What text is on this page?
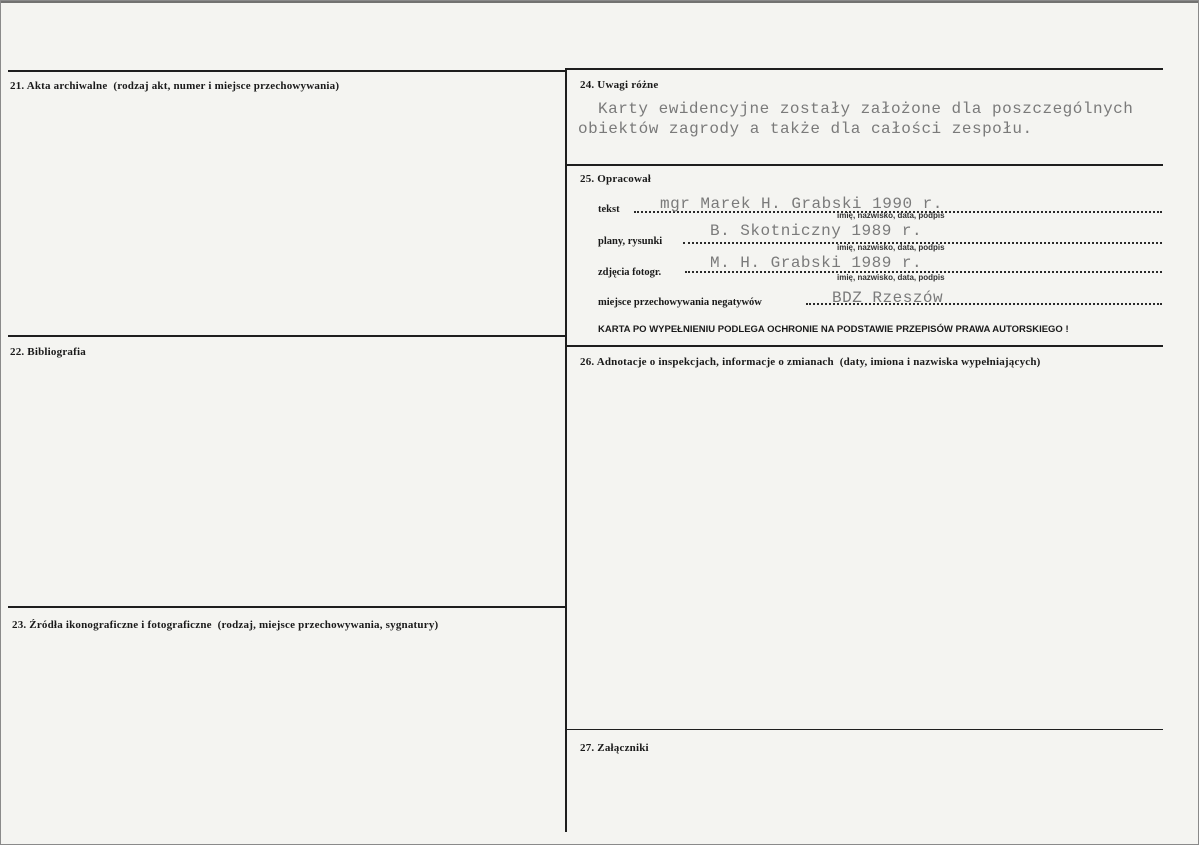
21. Akta archiwalne (rodzaj akt, numer i miejsce przechowywania)
22. Bibliografia
23. Źródła ikonograficzne i fotograficzne (rodzaj, miejsce przechowywania, sygnatury)
24. Uwagi różne
Karty ewidencyjne zostały założone dla poszczególnych
obiektów zagrody a także dla całości zespołu.
25. Opracował
tekst	mgr Marek H. Grabski 1990 r.
imię, nazwisko, data, podpis
plany, rysunki
B. Skotniczny 1989 r.
imię, nazwisko, data, podpis
zdjęcia fotogr.
M. H. Grabski 1989 r.
imię, nazwisko, data, podpis
miejsce przechowywania negatywów	BDZ Rzeszów
KARTA PO WYPEŁNIENIU PODLEGA OCHRONIE NA PODSTAWIE PRZEPISÓW PRAWA AUTORSKIEGO !
26. Adnotacje o inspekcjach, informacje o zmianach (daty, imiona i nazwiska wypełniających)
27. Załączniki
